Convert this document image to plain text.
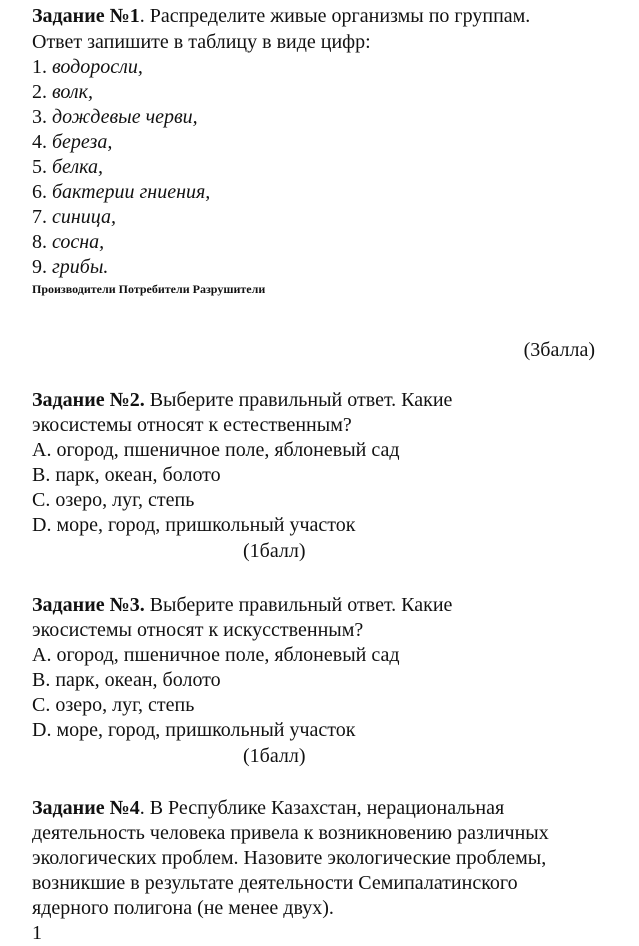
Задание №1. Распределите живые организмы по группам.
Ответ запишите в таблицу в виде цифр:
1. водоросли,
2. волк,
3. дождевые черви,
4. береза,
5. белка,
6. бактерии гниения,
7. синица,
8. сосна,
9. грибы.
Производители Потребители Разрушители
(3балла)
Задание №2. Выберите правильный ответ. Какие
экосистемы относят к естественным?
A. огород, пшеничное поле, яблоневый сад
B. парк, океан, болото
C. озеро, луг, степь
D. море, город, пришкольный участок
(1балл)
Задание №3. Выберите правильный ответ. Какие
экосистемы относят к искусственным?
A. огород, пшеничное поле, яблоневый сад
B. парк, океан, болото
C. озеро, луг, степь
D. море, город, пришкольный участок
(1балл)
Задание №4. В Республике Казахстан, нерациональная
деятельность человека привела к возникновению различных
экологических проблем. Назовите экологические проблемы,
возникшие в результате деятельности Семипалатинского
ядерного полигона (не менее двух).
1
